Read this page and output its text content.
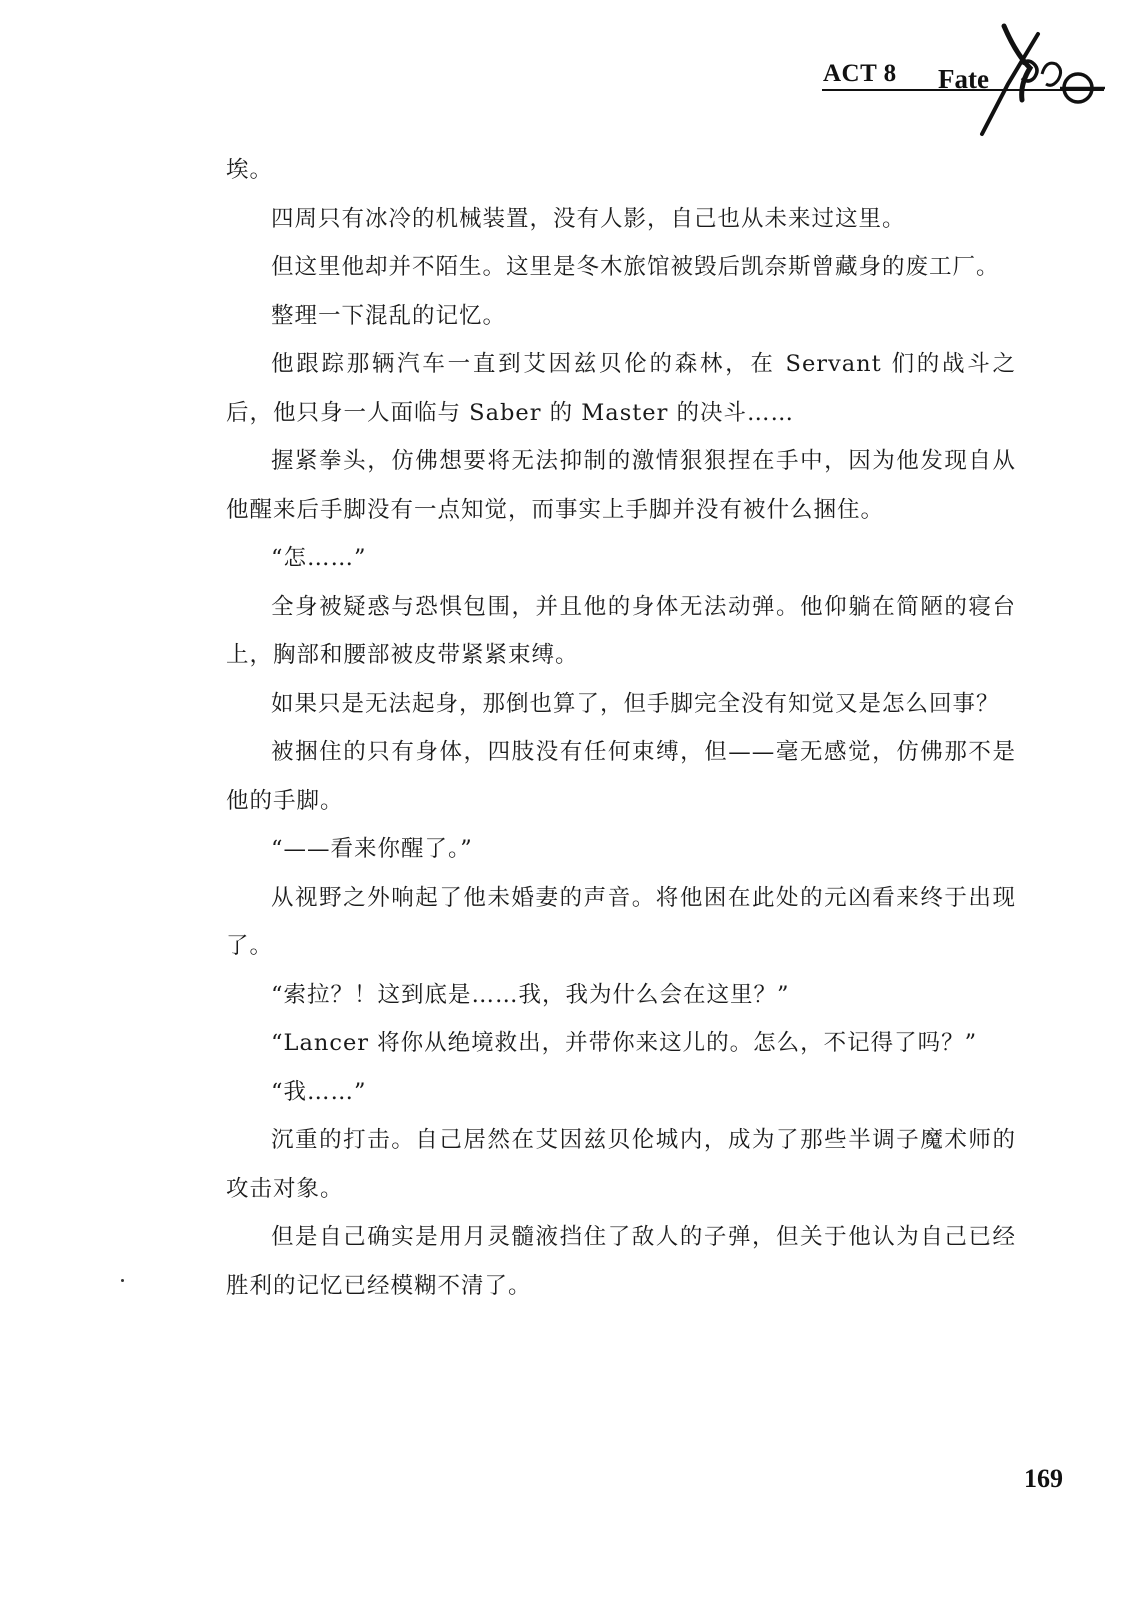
ACT 8 Fate

埃。

四周只有冰冷的机械装置，没有人影，自己也从未来过这里。

但这里他却并不陌生。这里是冬木旅馆被毁后凯奈斯曾藏身的废工厂。

整理一下混乱的记忆。

他跟踪那辆汽车一直到艾因兹贝伦的森林，在 Servant 们的战斗之后，他只身一人面临与 Saber 的 Master 的决斗……

握紧拳头，仿佛想要将无法抑制的激情狠狠捏在手中，因为他发现自从他醒来后手脚没有一点知觉，而事实上手脚并没有被什么捆住。

“怎……”

全身被疑惑与恐惧包围，并且他的身体无法动弹。他仰躺在简陋的寝台上，胸部和腰部被皮带紧紧束缚。

如果只是无法起身，那倒也算了，但手脚完全没有知觉又是怎么回事？

被捆住的只有身体，四肢没有任何束缚，但——毫无感觉，仿佛那不是他的手脚。

“——看来你醒了。”

从视野之外响起了他未婚妻的声音。将他困在此处的元凶看来终于出现了。

“索拉？！这到底是……我，我为什么会在这里？”

“Lancer 将你从绝境救出，并带你来这儿的。怎么，不记得了吗？”

“我……”

沉重的打击。自己居然在艾因兹贝伦城内，成为了那些半调子魔术师的攻击对象。

但是自己确实是用月灵髓液挡住了敌人的子弹，但关于他认为自己已经胜利的记忆已经模糊不清了。

169
